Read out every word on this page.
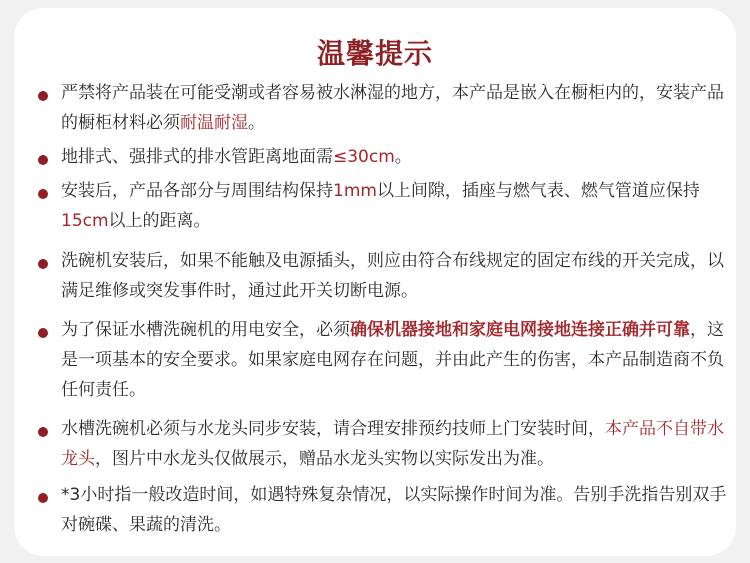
温馨提示
严禁将产品装在可能受潮或者容易被水淋湿的地方，本产品是嵌入在橱柜内的，安装产品的橱柜材料必须耐温耐湿。
地排式、强排式的排水管距离地面需≤30cm。
安装后，产品各部分与周围结构保持1mm以上间隙，插座与燃气表、燃气管道应保持15cm以上的距离。
洗碗机安装后，如果不能触及电源插头，则应由符合布线规定的固定布线的开关完成，以满足维修或突发事件时，通过此开关切断电源。
为了保证水槽洗碗机的用电安全，必须确保机器接地和家庭电网接地连接正确并可靠，这是一项基本的安全要求。如果家庭电网存在问题，并由此产生的伤害，本产品制造商不负任何责任。
水槽洗碗机必须与水龙头同步安装，请合理安排预约技师上门安装时间，本产品不自带水龙头，图片中水龙头仅做展示，赠品水龙头实物以实际发出为准。
*3小时指一般改造时间，如遇特殊复杂情况，以实际操作时间为准。告别手洗指告别双手对碗碟、果蔬的清洗。
